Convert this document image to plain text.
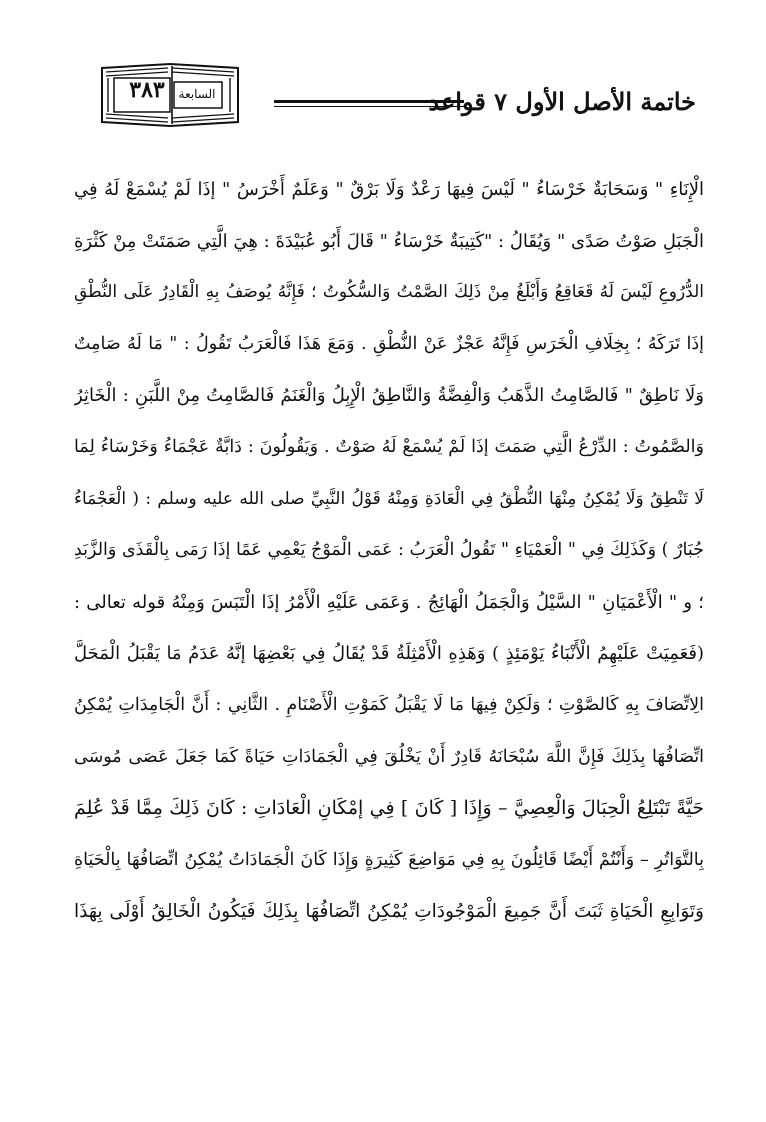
٣٨٣	السابعة	خاتمة الأصل الأول ٧ قواعد
الْإِنَاءِ " وَسَحَابَةٌ خَرْسَاءُ " لَيْسَ فِيهَا رَعْدٌ وَلَا بَرْقٌ " وَعَلَمٌ أَخْرَسُ " إذَا لَمْ يُسْمَعْ لَهُ فِي
الْجَبَلِ صَوْتُ صَدًى " وَيُقَالُ : "كَتِيبَةٌ خَرْسَاءُ " قَالَ أَبُو عُبَيْدَةَ : هِيَ الَّتِي صَمَتَتْ مِنْ كَثْرَةِ
الدُّرُوعِ لَيْسَ لَهُ قَعَاقِعُ وَأَبْلَغُ مِنْ ذَلِكَ الصَّمْتُ وَالسُّكُوتُ ؛ فَإِنَّهُ يُوصَفُ بِهِ الْقَادِرُ عَلَى النُّطْقِ
إذَا تَرَكَهُ ؛ بِخِلَافِ الْخَرَسِ فَإِنَّهُ عَجْزٌ عَنْ النُّطْقِ . وَمَعَ هَذَا فَالْعَرَبُ تَقُولُ : " مَا لَهُ صَامِتٌ
وَلَا نَاطِقٌ " فَالصَّامِتُ الذَّهَبُ وَالْفِضَّةُ وَالنَّاطِقُ الْإِبِلُ وَالْغَنَمُ فَالصَّامِتُ مِنْ اللَّبَنِ : الْخَاثِرُ
وَالصَّمُوتُ : الدِّرْعُ الَّتِي صَمَتَ إذَا لَمْ يُسْمَعْ لَهُ صَوْتٌ . وَيَقُولُونَ : دَابَّةٌ عَجْمَاءُ وَخَرْسَاءُ لِمَا
لَا تَنْطِقُ وَلَا يُمْكِنُ مِنْهَا النُّطْقُ فِي الْعَادَةِ وَمِنْهُ قَوْلُ النَّبِيِّ صلى الله عليه وسلم : ( الْعَجْمَاءُ
جُبَارٌ ) وَكَذَلِكَ فِي " الْعَمْيَاءِ " تَقُولُ الْعَرَبُ : عَمَى الْمَوْجُ يَعْمِي عَمًا إذَا رَمَى بِالْقَذَى وَالزَّبَدِ
؛ و " الْأَعْمَيَانِ " السَّيْلُ وَالْجَمَلُ الْهَائِجُ . وَعَمَى عَلَيْهِ الْأَمْرُ إذَا الْتَبَسَ وَمِنْهُ قوله تعالى :
(فَعَمِيَتْ عَلَيْهِمُ الْأَنْبَاءُ يَوْمَئِذٍ ) وَهَذِهِ الْأَمْثِلَةُ قَدْ يُقَالُ فِي بَعْضِهَا إنَّهُ عَدَمُ مَا يَقْبَلُ الْمَحَلَّ
الِاتِّصَافَ بِهِ كَالصَّوْتِ ؛ وَلَكِنْ فِيهَا مَا لَا يَقْبَلُ كَمَوْتِ الْأَصْنَامِ . الثَّانِي : أَنَّ الْجَامِدَاتِ يُمْكِنُ
اتِّصَافُهَا بِذَلِكَ فَإِنَّ اللَّهَ سُبْحَانَهُ قَادِرٌ أَنْ يَخْلُقَ فِي الْجَمَادَاتِ حَيَاةً كَمَا جَعَلَ عَصَى مُوسَى
حَيَّةً تَبْتَلِعُ الْحِبَالَ وَالْعِصِيَّ – وَإِذَا [ كَانَ ] فِي إمْكَانِ الْعَادَاتِ : كَانَ ذَلِكَ مِمَّا قَدْ عُلِمَ
بِالتَّوَاتُرِ – وَأَنْتُمْ أَيْضًا قَائِلُونَ بِهِ فِي مَوَاضِعَ كَثِيرَةٍ وَإِذَا كَانَ الْجَمَادَاتُ يُمْكِنُ اتِّصَافُهَا بِالْحَيَاةِ
وَتَوَابِعِ الْحَيَاةِ ثَبَتَ أَنَّ جَمِيعَ الْمَوْجُودَاتِ يُمْكِنُ اتِّصَافُهَا بِذَلِكَ فَيَكُونُ الْخَالِقُ أَوْلَى بِهَذَا
